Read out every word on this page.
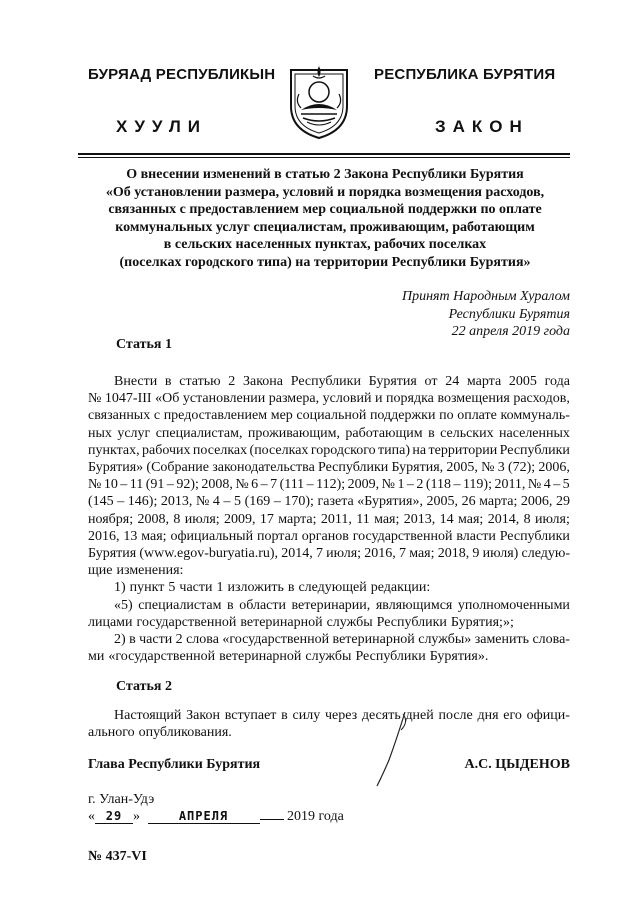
БУРЯАД РЕСПУБЛИКЫН
ХУУЛИ
РЕСПУБЛИКА БУРЯТИЯ
ЗАКОН
О внесении изменений в статью 2 Закона Республики Бурятия
«Об установлении размера, условий и порядка возмещения расходов,
связанных с предоставлением мер социальной поддержки по оплате
коммунальных услуг специалистам, проживающим, работающим
в сельских населенных пунктах, рабочих поселках
(поселках городского типа) на территории Республики Бурятия»
Принят Народным Хуралом
Республики Бурятия
22 апреля 2019 года
Статья 1
Внести в статью 2 Закона Республики Бурятия от 24 марта 2005 года
№ 1047-III «Об установлении размера, условий и порядка возмещения расходов,
связанных с предоставлением мер социальной поддержки по оплате коммуналь-
ных услуг специалистам, проживающим, работающим в сельских населенных
пунктах, рабочих поселках (поселках городского типа) на территории Республики
Бурятия» (Собрание законодательства Республики Бурятия, 2005, № 3 (72); 2006,
№ 10 – 11 (91 – 92); 2008, № 6 – 7 (111 – 112); 2009, № 1 – 2 (118 – 119); 2011, № 4 – 5
(145 – 146); 2013, № 4 – 5 (169 – 170); газета «Бурятия», 2005, 26 марта; 2006, 29
ноября; 2008, 8 июля; 2009, 17 марта; 2011, 11 мая; 2013, 14 мая; 2014, 8 июля;
2016, 13 мая; официальный портал органов государственной власти Республики
Бурятия (www.egov-buryatia.ru), 2014, 7 июля; 2016, 7 мая; 2018, 9 июля) следую-
щие изменения:
1) пункт 5 части 1 изложить в следующей редакции:
«5) специалистам в области ветеринарии, являющимся уполномоченными
лицами государственной ветеринарной службы Республики Бурятия;»;
2) в части 2 слова «государственной ветеринарной службы» заменить слова-
ми «государственной ветеринарной службы Республики Бурятия».
Статья 2
Настоящий Закон вступает в силу через десять дней после дня его офици-
ального опубликования.
Глава Республики Бурятия	А.С. ЦЫДЕНОВ
г. Улан-Удэ
« 29 »	АПРЕЛЯ	2019 года
№ 437-VI
